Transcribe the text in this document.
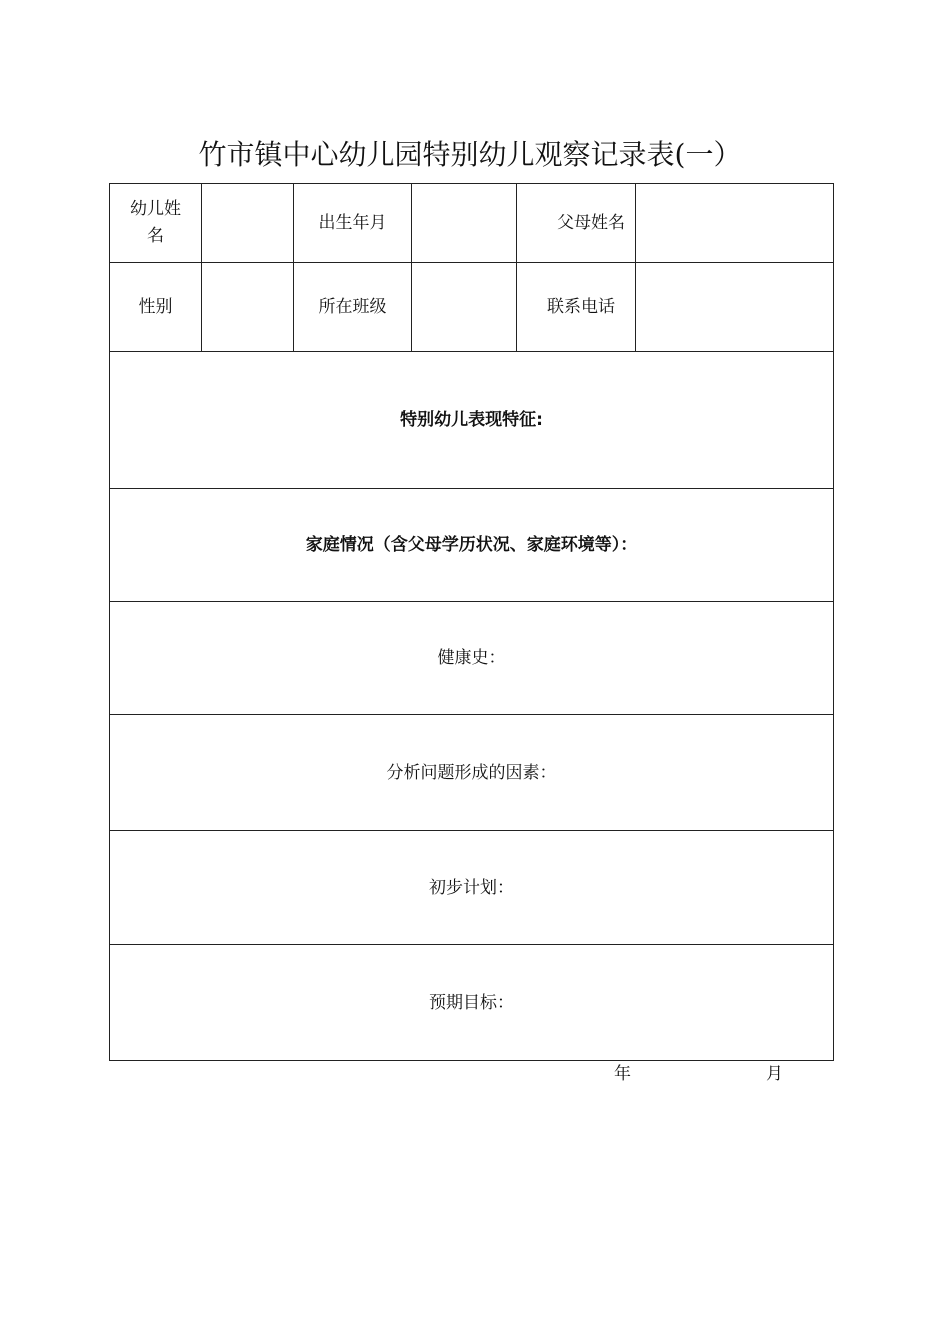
竹市镇中心幼儿园特别幼儿观察记录表(一）
幼儿姓名		出生年月		父母姓名	
性别		所在班级		联系电话	
特别幼儿表现特征:					
家庭情况（含父母学历状况、家庭环境等）：					
健康史：					
分析问题形成的因素：					
初步计划：					
预期目标：					
年	月
